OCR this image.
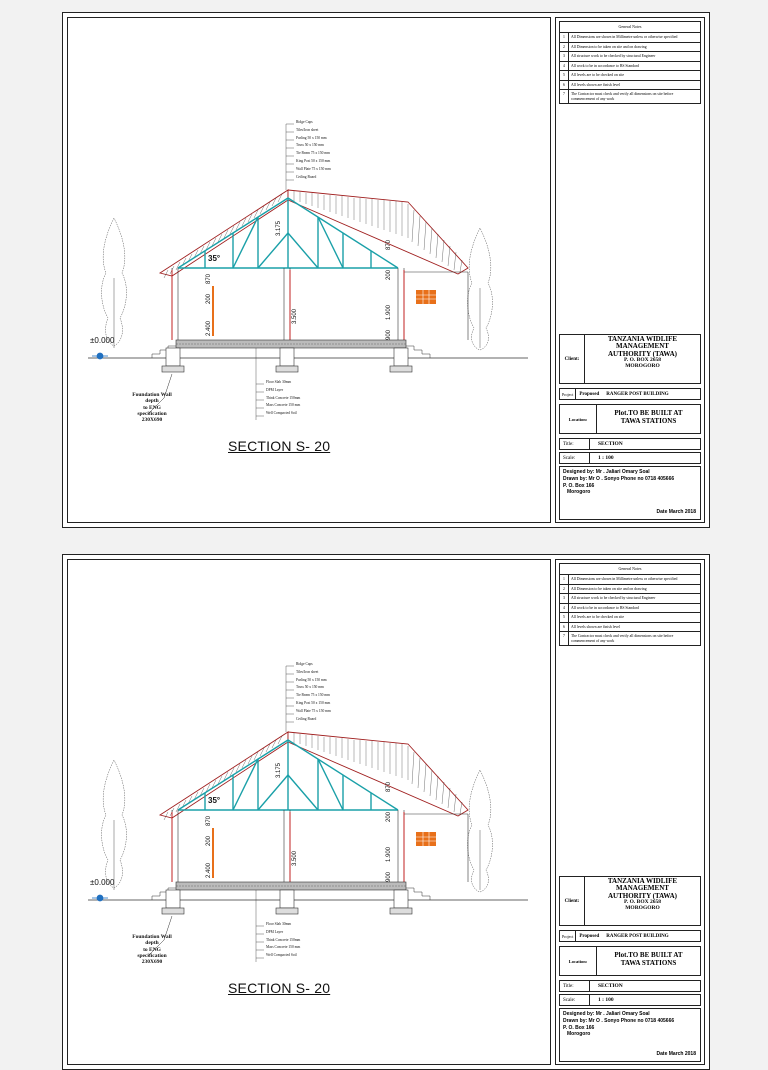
Ridge Caps
Tiles/Iron sheet
Purling 50 x 150 mm
Truss 50 x 150 mm
Tie Beam 75 x 150 mm
King Post 50 x 150 mm
Wall Plate 75 x 150 mm
Ceiling Board
Floor Slab 30mm
DPM Layer
Think Concrete 150mm
Mass Concrete 150 mm
Well Compacted Soil
35°
3.175
870
200
2.400
3.500
870
200
1.900
900
±0.000
Foundation Wall
depth
to ENG
specification
230X690
SECTION S- 20
General Notes
1	All Dimensions are shown in Millimetre unless or otherwise specified
2	All Dimension to be taken on site and on drawing
3	All structure work to be checked by structural Engineer
4	All work to be in accordance to BS Standard
5	All levels are to be checked on site
6	All levels shown are finish level
7	The Contractor must check and verify all dimensions on site before commencement of any work
Client:
TANZANIA WIDLIFE
MANAGEMENT
AUTHORITY (TAWA)
P. O. BOX 2658
MOROGORO
Project	Proposed	RANGER POST BUILDING
Location:
Plot.TO BE BUILT AT
TAWA STATIONS
Title:	SECTION
Scale:	1 : 100
Designed by: Mr . Jaliari Omary Soal
Drawn by: Mr O . Sonyo Phone no 0718 405666
P. O. Box 166
Morogoro
Date March 2018
Ridge Caps
Tiles/Iron sheet
Purling 50 x 150 mm
Truss 50 x 150 mm
Tie Beam 75 x 150 mm
King Post 50 x 150 mm
Wall Plate 75 x 150 mm
Ceiling Board
Floor Slab 30mm
DPM Layer
Think Concrete 150mm
Mass Concrete 150 mm
Well Compacted Soil
35°
3.175
870
200
2.400
3.500
870
200
1.900
900
±0.000
Foundation Wall
depth
to ENG
specification
230X690
SECTION S- 20
General Notes
1	All Dimensions are shown in Millimetre unless or otherwise specified
2	All Dimension to be taken on site and on drawing
3	All structure work to be checked by structural Engineer
4	All work to be in accordance to BS Standard
5	All levels are to be checked on site
6	All levels shown are finish level
7	The Contractor must check and verify all dimensions on site before commencement of any work
Client:
TANZANIA WIDLIFE
MANAGEMENT
AUTHORITY (TAWA)
P. O. BOX 2658
MOROGORO
Project	Proposed	RANGER POST BUILDING
Location:
Plot.TO BE BUILT AT
TAWA STATIONS
Title:	SECTION
Scale:	1 : 100
Designed by: Mr . Jaliari Omary Soal
Drawn by: Mr O . Sonyo Phone no 0718 405666
P. O. Box 166
Morogoro
Date March 2018
